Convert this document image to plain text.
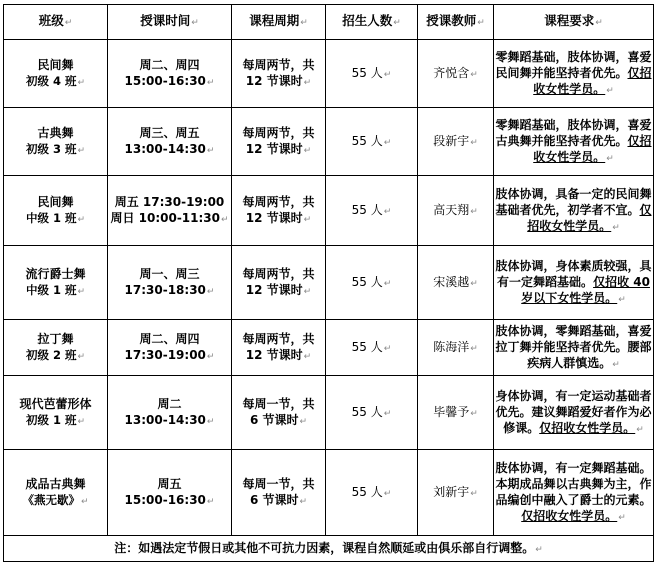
班级↵	授课时间↵	课程周期↵	招生人数↵	授课教师↵	课程要求↵

民间舞
初级 4 班↵	周二、周四
15:00-16:30↵	每周两节，共
12 节课时↵	55 人↵	齐悦含↵	零舞蹈基础，肢体协调，喜爱民间舞并能坚持者优先。仅招收女性学员。↵

古典舞
初级 3 班↵	周三、周五
13:00-14:30↵	每周两节，共
12 节课时↵	55 人↵	段新宇↵	零舞蹈基础，肢体协调，喜爱古典舞并能坚持者优先。仅招收女性学员。↵

民间舞
中级 1 班↵	周五 17:30-19:00
周日 10:00-11:30↵	每周两节，共
12 节课时↵	55 人↵	高天翔↵	肢体协调，具备一定的民间舞基础者优先，初学者不宜。仅招收女性学员。↵

流行爵士舞
中级 1 班↵	周一、周三
17:30-18:30↵	每周两节，共
12 节课时↵	55 人↵	宋溪越↵	肢体协调，身体素质较强，具有一定舞蹈基础。仅招收 40 岁以下女性学员。↵

拉丁舞
初级 2 班↵	周二、周四
17:30-19:00↵	每周两节，共
12 节课时↵	55 人↵	陈海洋↵	肢体协调，零舞蹈基础，喜爱拉丁舞并能坚持者优先。腰部疾病人群慎选。↵

现代芭蕾形体
初级 1 班↵	周二
13:00-14:30↵	每周一节，共
6 节课时↵	55 人↵	毕馨予↵	身体协调，有一定运动基础者优先。建议舞蹈爱好者作为必修课。仅招收女性学员。↵

成品古典舞
《燕无歇》↵	周五
15:00-16:30↵	每周一节，共
6 节课时↵	55 人↵	刘新宇↵	肢体协调，有一定舞蹈基础。本期成品舞以古典舞为主，作品编创中融入了爵士的元素。仅招收女性学员。↵
注：如遇法定节假日或其他不可抗力因素，课程自然顺延或由俱乐部自行调整。↵					
